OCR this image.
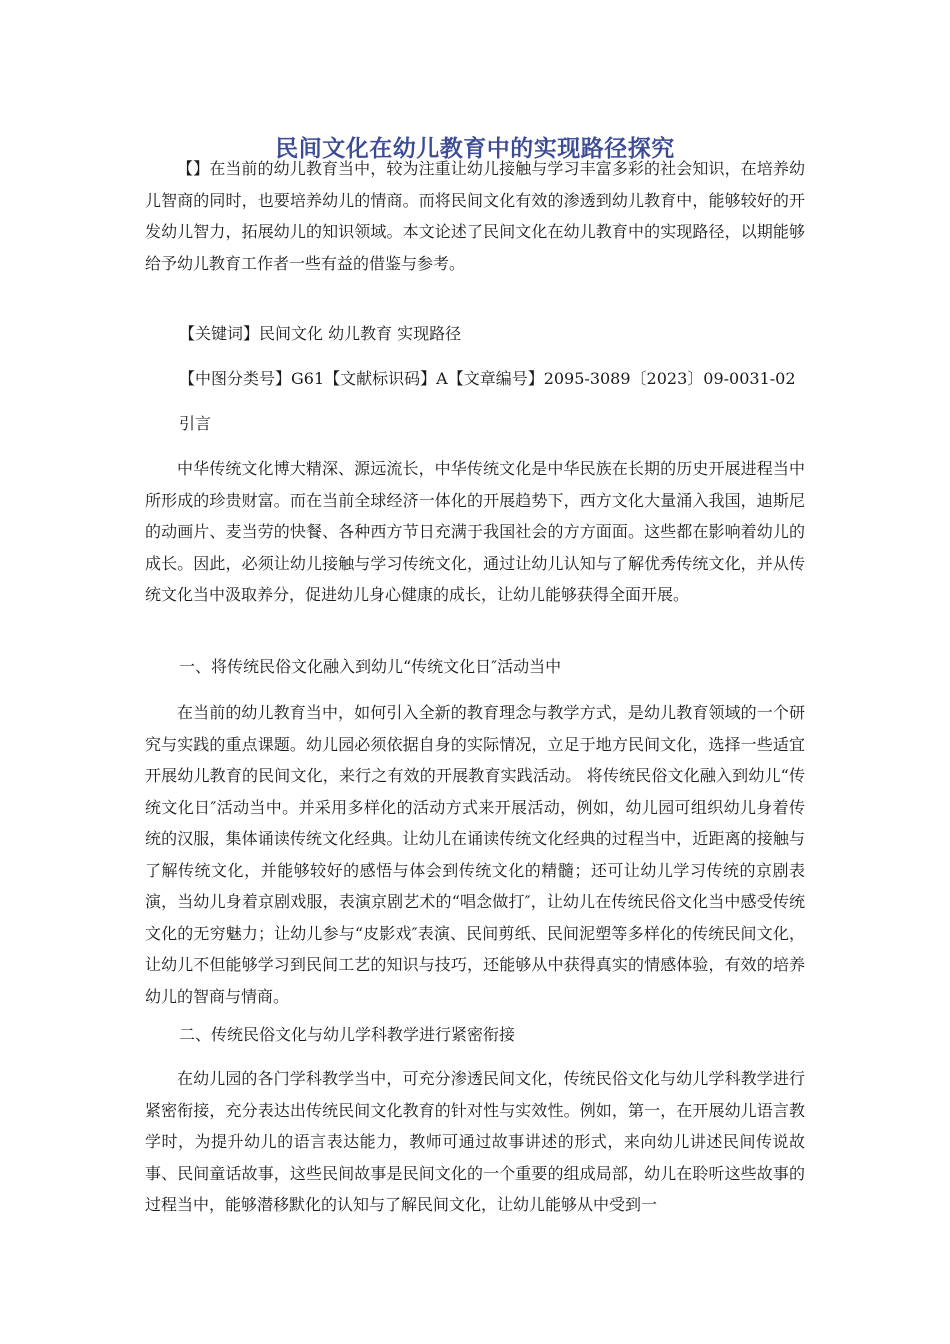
民间文化在幼儿教育中的实现路径探究

【】在当前的幼儿教育当中，较为注重让幼儿接触与学习丰富多彩的社会知识，在培养幼儿智商的同时，也要培养幼儿的情商。而将民间文化有效的渗透到幼儿教育中，能够较好的开发幼儿智力，拓展幼儿的知识领域。本文论述了民间文化在幼儿教育中的实现路径，以期能够给予幼儿教育工作者一些有益的借鉴与参考。

【关键词】民间文化 幼儿教育 实现路径

【中图分类号】G61【文献标识码】A【文章编号】2095-3089〔2023〕09-0031-02

引言

中华传统文化博大精深、源远流长，中华传统文化是中华民族在长期的历史开展进程当中所形成的珍贵财富。而在当前全球经济一体化的开展趋势下，西方文化大量涌入我国，迪斯尼的动画片、麦当劳的快餐、各种西方节日充满于我国社会的方方面面。这些都在影响着幼儿的成长。因此，必须让幼儿接触与学习传统文化，通过让幼儿认知与了解优秀传统文化，并从传统文化当中汲取养分，促进幼儿身心健康的成长，让幼儿能够获得全面开展。

一、将传统民俗文化融入到幼儿“传统文化日″活动当中

在当前的幼儿教育当中，如何引入全新的教育理念与教学方式，是幼儿教育领域的一个研究与实践的重点课题。幼儿园必须依据自身的实际情况，立足于地方民间文化，选择一些适宜开展幼儿教育的民间文化，来行之有效的开展教育实践活动。 将传统民俗文化融入到幼儿“传统文化日″活动当中。并采用多样化的活动方式来开展活动，例如，幼儿园可组织幼儿身着传统的汉服，集体诵读传统文化经典。让幼儿在诵读传统文化经典的过程当中，近距离的接触与了解传统文化，并能够较好的感悟与体会到传统文化的精髓；还可让幼儿学习传统的京剧表演，当幼儿身着京剧戏服，表演京剧艺术的“唱念做打″，让幼儿在传统民俗文化当中感受传统文化的无穷魅力；让幼儿参与“皮影戏″表演、民间剪纸、民间泥塑等多样化的传统民间文化，让幼儿不但能够学习到民间工艺的知识与技巧，还能够从中获得真实的情感体验，有效的培养幼儿的智商与情商。

二、传统民俗文化与幼儿学科教学进行紧密衔接

在幼儿园的各门学科教学当中，可充分渗透民间文化，传统民俗文化与幼儿学科教学进行紧密衔接，充分表达出传统民间文化教育的针对性与实效性。例如，第一，在开展幼儿语言教学时，为提升幼儿的语言表达能力，教师可通过故事讲述的形式，来向幼儿讲述民间传说故事、民间童话故事，这些民间故事是民间文化的一个重要的组成局部，幼儿在聆听这些故事的过程当中，能够潜移默化的认知与了解民间文化，让幼儿能够从中受到一
